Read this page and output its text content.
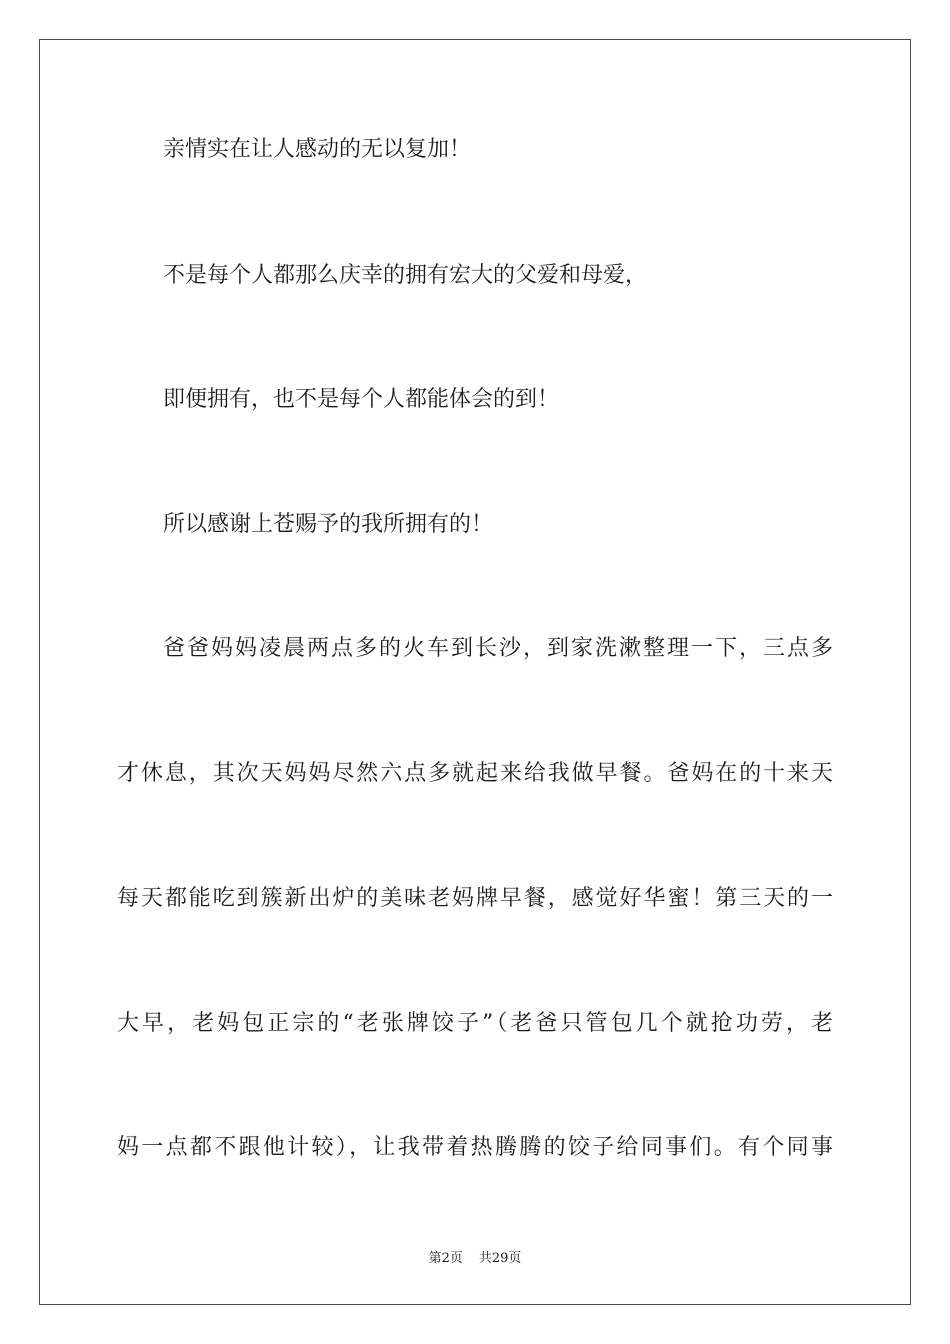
亲情实在让人感动的无以复加！
不是每个人都那么庆幸的拥有宏大的父爱和母爱，
即便拥有，也不是每个人都能体会的到！
所以感谢上苍赐予的我所拥有的！
爸爸妈妈凌晨两点多的火车到长沙，到家洗漱整理一下，三点多
才休息，其次天妈妈尽然六点多就起来给我做早餐。爸妈在的十来天
每天都能吃到簇新出炉的美味老妈牌早餐，感觉好华蜜！第三天的一
大早，老妈包正宗的“老张牌饺子”（老爸只管包几个就抢功劳，老
妈一点都不跟他计较），让我带着热腾腾的饺子给同事们。有个同事
第2页 共29页
